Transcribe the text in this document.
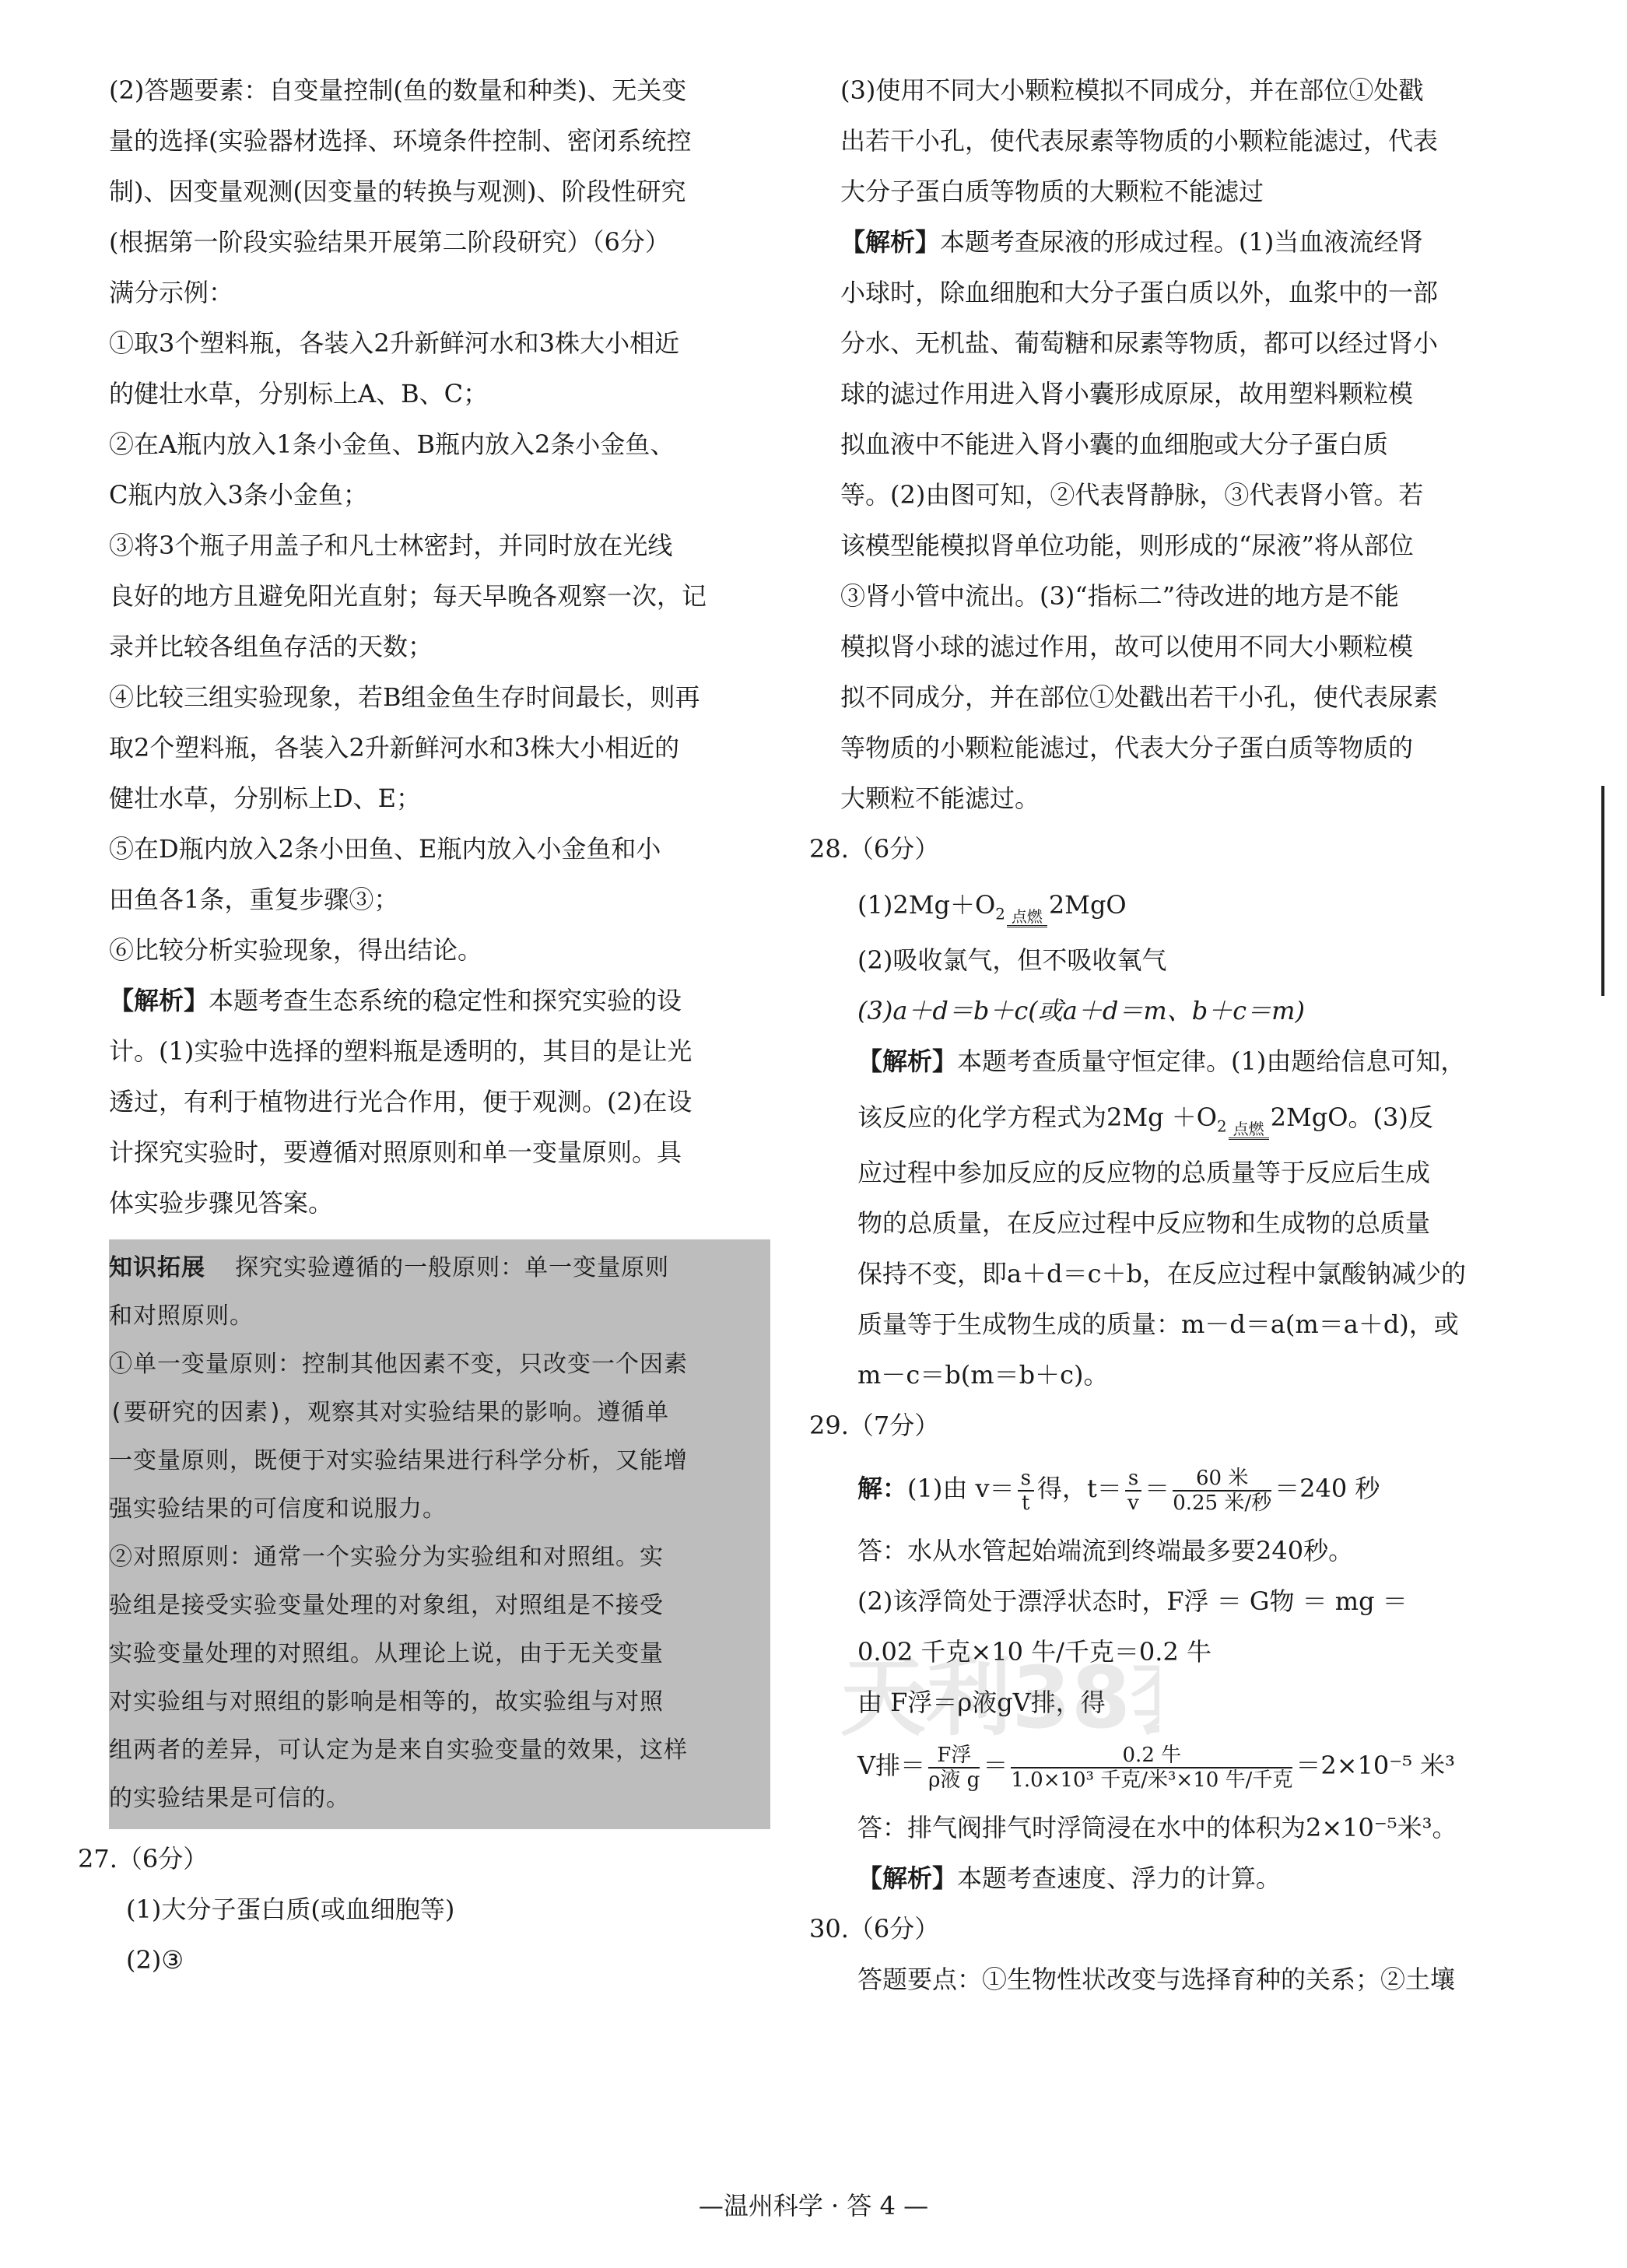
(2)答题要素：自变量控制(鱼的数量和种类)、无关变
量的选择(实验器材选择、环境条件控制、密闭系统控
制)、因变量观测(因变量的转换与观测)、阶段性研究
(根据第一阶段实验结果开展第二阶段研究）（6分）
满分示例：
①取3个塑料瓶，各装入2升新鲜河水和3株大小相近
的健壮水草，分别标上A、B、C；
②在A瓶内放入1条小金鱼、B瓶内放入2条小金鱼、
C瓶内放入3条小金鱼；
③将3个瓶子用盖子和凡士林密封，并同时放在光线
良好的地方且避免阳光直射；每天早晚各观察一次，记
录并比较各组鱼存活的天数；
④比较三组实验现象，若B组金鱼生存时间最长，则再
取2个塑料瓶，各装入2升新鲜河水和3株大小相近的
健壮水草，分别标上D、E；
⑤在D瓶内放入2条小田鱼、E瓶内放入小金鱼和小
田鱼各1条，重复步骤③；
⑥比较分析实验现象，得出结论。
【解析】本题考查生态系统的稳定性和探究实验的设
计。(1)实验中选择的塑料瓶是透明的，其目的是让光
透过，有利于植物进行光合作用，便于观测。(2)在设
计探究实验时，要遵循对照原则和单一变量原则。具
体实验步骤见答案。
知识拓展 探究实验遵循的一般原则：单一变量原则
和对照原则。
①单一变量原则：控制其他因素不变，只改变一个因素
(要研究的因素)，观察其对实验结果的影响。遵循单
一变量原则，既便于对实验结果进行科学分析，又能增
强实验结果的可信度和说服力。
②对照原则：通常一个实验分为实验组和对照组。实
验组是接受实验变量处理的对象组，对照组是不接受
实验变量处理的对照组。从理论上说，由于无关变量
对实验组与对照组的影响是相等的，故实验组与对照
组两者的差异，可认定为是来自实验变量的效果，这样
的实验结果是可信的。
27.（6分）
(1)大分子蛋白质(或血细胞等)
(2)③
(3)使用不同大小颗粒模拟不同成分，并在部位①处戳
出若干小孔，使代表尿素等物质的小颗粒能滤过，代表
大分子蛋白质等物质的大颗粒不能滤过
【解析】本题考查尿液的形成过程。(1)当血液流经肾
小球时，除血细胞和大分子蛋白质以外，血浆中的一部
分水、无机盐、葡萄糖和尿素等物质，都可以经过肾小
球的滤过作用进入肾小囊形成原尿，故用塑料颗粒模
拟血液中不能进入肾小囊的血细胞或大分子蛋白质
等。(2)由图可知，②代表肾静脉，③代表肾小管。若
该模型能模拟肾单位功能，则形成的“尿液”将从部位
③肾小管中流出。(3)“指标二”待改进的地方是不能
模拟肾小球的滤过作用，故可以使用不同大小颗粒模
拟不同成分，并在部位①处戳出若干小孔，使代表尿素
等物质的小颗粒能滤过，代表大分子蛋白质等物质的
大颗粒不能滤过。
28.（6分）
$(1)2Mg+O_2$ 点燃 2MgO
(2)吸收氯气，但不吸收氧气
(3)a＋d＝b＋c(或a＋d＝m、b＋c＝m)
【解析】本题考查质量守恒定律。(1)由题给信息可知，
该反应的化学方程式为$2Mg +O_2$ 点燃 2MgO。(3)反
应过程中参加反应的反应物的总质量等于反应后生成
物的总质量，在反应过程中反应物和生成物的总质量
保持不变，即a＋d＝c＋b，在反应过程中氯酸钠减少的
质量等于生成物生成的质量：m－d＝a(m＝a＋d)，或
m－c＝b(m＝b＋c)。
29.（7分）
解：(1)由 $v= \frac{s}{t}$ 得，$t= \frac{s}{v} = \frac{\text{60 米}}{\text{0.25 米/秒}} =240$ 秒
答：水从水管起始端流到终端最多要240秒。
(2)该浮筒处于漂浮状态时，F浮 ＝ G物 ＝ mg ＝
0.02 千克×10 牛/千克＝0.2 牛
由 F浮＝ρ液gV排，得
V排＝ $\frac{\text{F浮}}{\text{ρ液 g}} = \frac{\text{0.2 牛}}{\text{1.0×10³ 千克/米³×10 牛/千克}} =2\times 10^{-5}$ 米³
答：排气阀排气时浮筒浸在水中的体积为2×10⁻⁵米³。
【解析】本题考查速度、浮力的计算。
30.（6分）
答题要点：①生物性状改变与选择育种的关系；②土壤
天利38
—温州科学 · 答 4 —
